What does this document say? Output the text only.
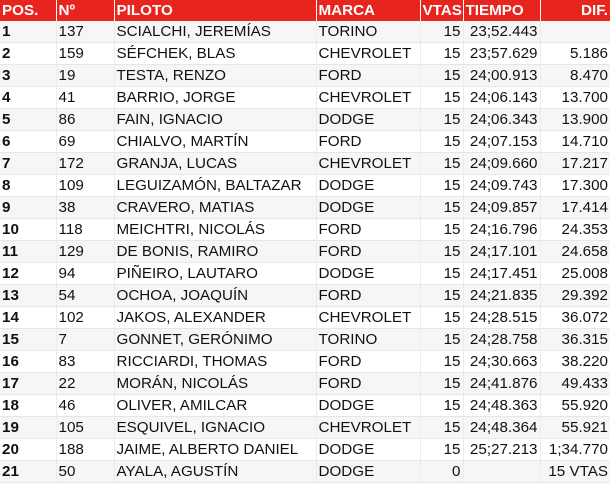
POS.	Nº	PILOTO	MARCA	VTAS	TIEMPO	DIF.
1	137	SCIALCHI, JEREMÍAS	TORINO	15	23;52.443	
2	159	SÉFCHEK, BLAS	CHEVROLET	15	23;57.629	5.186
3	19	TESTA, RENZO	FORD	15	24;00.913	8.470
4	41	BARRIO, JORGE	CHEVROLET	15	24;06.143	13.700
5	86	FAIN, IGNACIO	DODGE	15	24;06.343	13.900
6	69	CHIALVO, MARTÍN	FORD	15	24;07.153	14.710
7	172	GRANJA, LUCAS	CHEVROLET	15	24;09.660	17.217
8	109	LEGUIZAMÓN, BALTAZAR	DODGE	15	24;09.743	17.300
9	38	CRAVERO, MATIAS	DODGE	15	24;09.857	17.414
10	118	MEICHTRI, NICOLÁS	FORD	15	24;16.796	24.353
11	129	DE BONIS, RAMIRO	FORD	15	24;17.101	24.658
12	94	PIÑEIRO, LAUTARO	DODGE	15	24;17.451	25.008
13	54	OCHOA, JOAQUÍN	FORD	15	24;21.835	29.392
14	102	JAKOS, ALEXANDER	CHEVROLET	15	24;28.515	36.072
15	7	GONNET, GERÓNIMO	TORINO	15	24;28.758	36.315
16	83	RICCIARDI, THOMAS	FORD	15	24;30.663	38.220
17	22	MORÁN, NICOLÁS	FORD	15	24;41.876	49.433
18	46	OLIVER, AMILCAR	DODGE	15	24;48.363	55.920
19	105	ESQUIVEL, IGNACIO	CHEVROLET	15	24;48.364	55.921
20	188	JAIME, ALBERTO DANIEL	DODGE	15	25;27.213	1;34.770
21	50	AYALA, AGUSTÍN	DODGE	0		15 VTAS
